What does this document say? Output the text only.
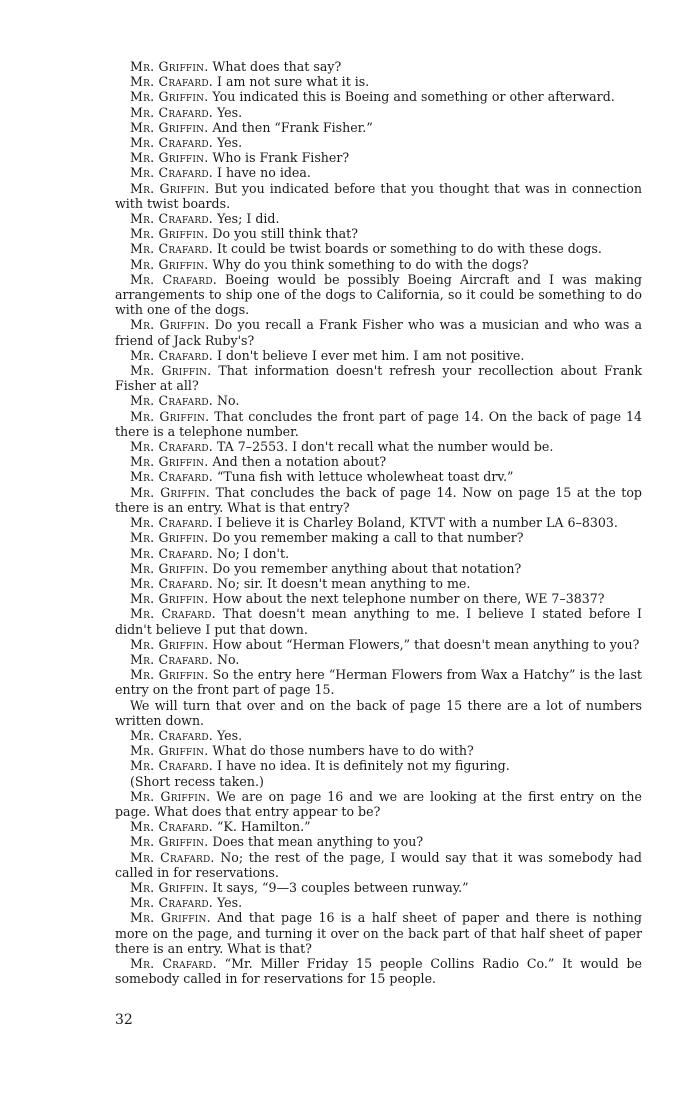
Mr. Griffin. What does that say?

Mr. Crafard. I am not sure what it is.

Mr. Griffin. You indicated this is Boeing and something or other afterward.

Mr. Crafard. Yes.

Mr. Griffin. And then “Frank Fisher.”

Mr. Crafard. Yes.

Mr. Griffin. Who is Frank Fisher?

Mr. Crafard. I have no idea.

Mr. Griffin. But you indicated before that you thought that was in connection with twist boards.

Mr. Crafard. Yes; I did.

Mr. Griffin. Do you still think that?

Mr. Crafard. It could be twist boards or something to do with these dogs.

Mr. Griffin. Why do you think something to do with the dogs?

Mr. Crafard. Boeing would be possibly Boeing Aircraft and I was making arrangements to ship one of the dogs to California, so it could be something to do with one of the dogs.

Mr. Griffin. Do you recall a Frank Fisher who was a musician and who was a friend of Jack Ruby's?

Mr. Crafard. I don't believe I ever met him. I am not positive.

Mr. Griffin. That information doesn't refresh your recollection about Frank Fisher at all?

Mr. Crafard. No.

Mr. Griffin. That concludes the front part of page 14. On the back of page 14 there is a telephone number.

Mr. Crafard. TA 7–2553. I don't recall what the number would be.

Mr. Griffin. And then a notation about?

Mr. Crafard. “Tuna fish with lettuce wholewheat toast drv.”

Mr. Griffin. That concludes the back of page 14. Now on page 15 at the top there is an entry. What is that entry?

Mr. Crafard. I believe it is Charley Boland, KTVT with a number LA 6–8303.

Mr. Griffin. Do you remember making a call to that number?

Mr. Crafard. No; I don't.

Mr. Griffin. Do you remember anything about that notation?

Mr. Crafard. No; sir. It doesn't mean anything to me.

Mr. Griffin. How about the next telephone number on there, WE 7–3837?

Mr. Crafard. That doesn't mean anything to me. I believe I stated before I didn't believe I put that down.

Mr. Griffin. How about “Herman Flowers,” that doesn't mean anything to you?

Mr. Crafard. No.

Mr. Griffin. So the entry here “Herman Flowers from Wax a Hatchy” is the last entry on the front part of page 15.

We will turn that over and on the back of page 15 there are a lot of numbers written down.

Mr. Crafard. Yes.

Mr. Griffin. What do those numbers have to do with?

Mr. Crafard. I have no idea. It is definitely not my figuring.

(Short recess taken.)

Mr. Griffin. We are on page 16 and we are looking at the first entry on the page. What does that entry appear to be?

Mr. Crafard. “K. Hamilton.”

Mr. Griffin. Does that mean anything to you?

Mr. Crafard. No; the rest of the page, I would say that it was somebody had called in for reservations.

Mr. Griffin. It says, “9—3 couples between runway.”

Mr. Crafard. Yes.

Mr. Griffin. And that page 16 is a half sheet of paper and there is nothing more on the page, and turning it over on the back part of that half sheet of paper there is an entry. What is that?

Mr. Crafard. “Mr. Miller Friday 15 people Collins Radio Co.” It would be somebody called in for reservations for 15 people.

32
